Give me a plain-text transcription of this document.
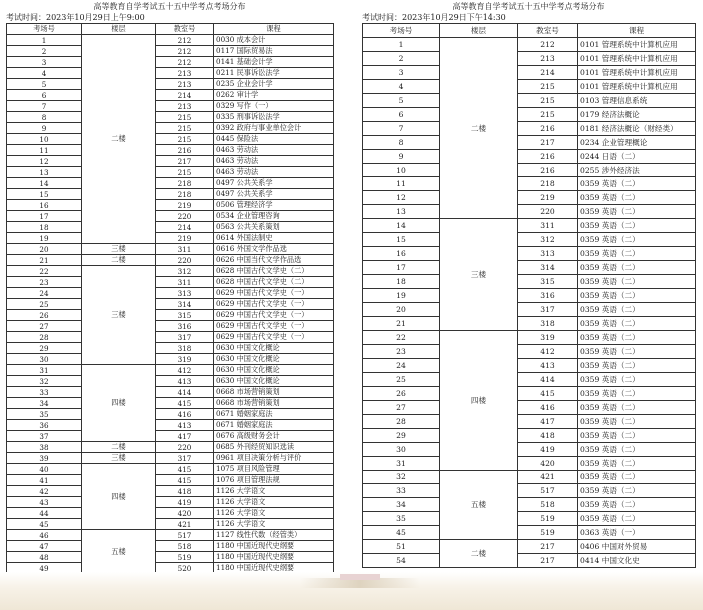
高等教育自学考试五十五中学考点考场分布
考试时间：2023年10月29日上午9:00
考场号	楼层	教室号	课程
1	二楼	212	0030 成本会计
2		212	0117 国际贸易法
3		212	0141 基础会计学
4		213	0211 民事诉讼法学
5		213	0235 企业会计学
6		214	0262 审计学
7		213	0329 写作（一）
8		215	0335 刑事诉讼法学
9		215	0392 政府与事业单位会计
10		215	0445 保险法
11		216	0463 劳动法
12		217	0463 劳动法
13		215	0463 劳动法
14		218	0497 公共关系学
15		218	0497 公共关系学
16		219	0506 管理经济学
17		220	0534 企业管理咨询
18		214	0563 公共关系策划
19		219	0614 外国法制史
20	三楼	311	0616 外国文学作品选
21	二楼	220	0626 中国当代文学作品选
22	三楼	312	0628 中国古代文学史（二）
23		311	0628 中国古代文学史（二）
24		313	0629 中国古代文学史（一）
25		314	0629 中国古代文学史（一）
26		315	0629 中国古代文学史（一）
27		316	0629 中国古代文学史（一）
28		317	0629 中国古代文学史（一）
29		318	0630 中国文化概论
30		319	0630 中国文化概论
31	四楼	412	0630 中国文化概论
32		413	0630 中国文化概论
33		414	0668 市场营销策划
34		415	0668 市场营销策划
35		416	0671 婚姻家庭法
36		413	0671 婚姻家庭法
37		417	0676 高级财务会计
38	二楼	220	0685 外刊经贸知识选读
39	三楼	317	0961 项目决策分析与评价
40	四楼	415	1075 项目风险管理
41		415	1076 项目管理法规
42		418	1126 大学语文
43		419	1126 大学语文
44		420	1126 大学语文
45		421	1126 大学语文
46	五楼	517	1127 线性代数（经管类）
47		518	1180 中国近现代史纲要
48		519	1180 中国近现代史纲要
49		520	1180 中国近现代史纲要

高等教育自学考试五十五中学考点考场分布
考试时间：2023年10月29日下午14:30
考场号	楼层	教室号	课程
1	二楼	212	0101 管理系统中计算机应用
2		213	0101 管理系统中计算机应用
3		214	0101 管理系统中计算机应用
4		215	0101 管理系统中计算机应用
5		215	0103 管理信息系统
6		215	0179 经济法概论
7		216	0181 经济法概论（财经类）
8		217	0234 企业管理概论
9		216	0244 日语（二）
10		216	0255 涉外经济法
11		218	0359 英语（二）
12		219	0359 英语（二）
13		220	0359 英语（二）
14	三楼	311	0359 英语（二）
15		312	0359 英语（二）
16		313	0359 英语（二）
17		314	0359 英语（二）
18		315	0359 英语（二）
19		316	0359 英语（二）
20		317	0359 英语（二）
21		318	0359 英语（二）
22	四楼	319	0359 英语（二）
23		412	0359 英语（二）
24		413	0359 英语（二）
25		414	0359 英语（二）
26		415	0359 英语（二）
27		416	0359 英语（二）
28		417	0359 英语（二）
29		418	0359 英语（二）
30		419	0359 英语（二）
31		420	0359 英语（二）
32	五楼	421	0359 英语（二）
33		517	0359 英语（二）
34		518	0359 英语（二）
35		519	0359 英语（二）
45		519	0363 英语（一）
51	二楼	217	0406 中国对外贸易
54		217	0414 中国文化史
